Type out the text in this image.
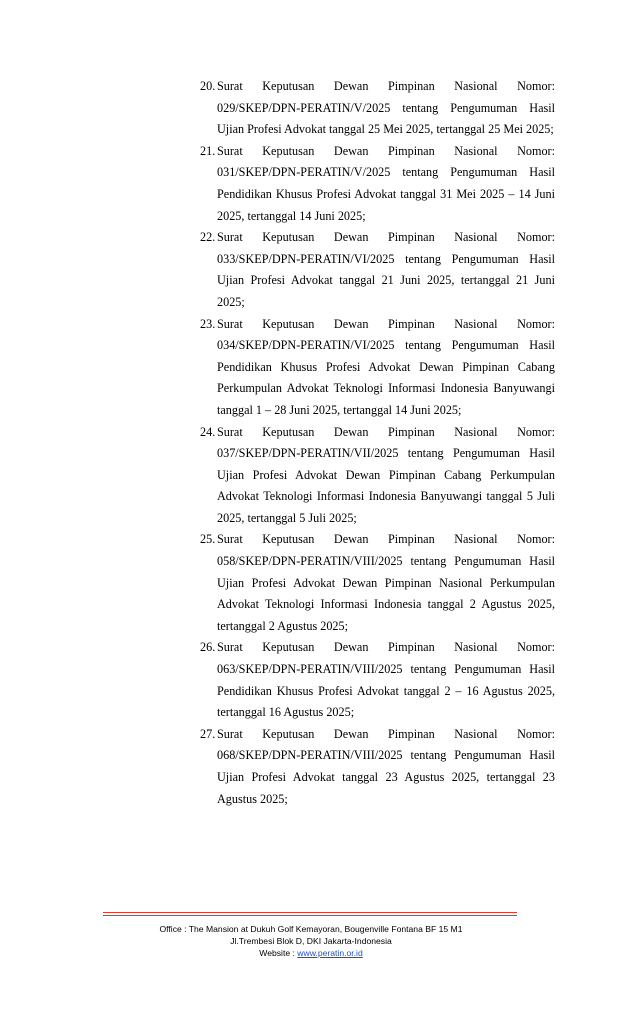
20. Surat Keputusan Dewan Pimpinan Nasional Nomor: 029/SKEP/DPN-PERATIN/V/2025 tentang Pengumuman Hasil Ujian Profesi Advokat tanggal 25 Mei 2025, tertanggal 25 Mei 2025;
21. Surat Keputusan Dewan Pimpinan Nasional Nomor: 031/SKEP/DPN-PERATIN/V/2025 tentang Pengumuman Hasil Pendidikan Khusus Profesi Advokat tanggal 31 Mei 2025 – 14 Juni 2025, tertanggal 14 Juni 2025;
22. Surat Keputusan Dewan Pimpinan Nasional Nomor: 033/SKEP/DPN-PERATIN/VI/2025 tentang Pengumuman Hasil Ujian Profesi Advokat tanggal 21 Juni 2025, tertanggal 21 Juni 2025;
23. Surat Keputusan Dewan Pimpinan Nasional Nomor: 034/SKEP/DPN-PERATIN/VI/2025 tentang Pengumuman Hasil Pendidikan Khusus Profesi Advokat Dewan Pimpinan Cabang Perkumpulan Advokat Teknologi Informasi Indonesia Banyuwangi tanggal 1 – 28 Juni 2025, tertanggal 14 Juni 2025;
24. Surat Keputusan Dewan Pimpinan Nasional Nomor: 037/SKEP/DPN-PERATIN/VII/2025 tentang Pengumuman Hasil Ujian Profesi Advokat Dewan Pimpinan Cabang Perkumpulan Advokat Teknologi Informasi Indonesia Banyuwangi tanggal 5 Juli 2025, tertanggal 5 Juli 2025;
25. Surat Keputusan Dewan Pimpinan Nasional Nomor: 058/SKEP/DPN-PERATIN/VIII/2025 tentang Pengumuman Hasil Ujian Profesi Advokat Dewan Pimpinan Nasional Perkumpulan Advokat Teknologi Informasi Indonesia tanggal 2 Agustus 2025, tertanggal 2 Agustus 2025;
26. Surat Keputusan Dewan Pimpinan Nasional Nomor: 063/SKEP/DPN-PERATIN/VIII/2025 tentang Pengumuman Hasil Pendidikan Khusus Profesi Advokat tanggal 2 – 16 Agustus 2025, tertanggal 16 Agustus 2025;
27. Surat Keputusan Dewan Pimpinan Nasional Nomor: 068/SKEP/DPN-PERATIN/VIII/2025 tentang Pengumuman Hasil Ujian Profesi Advokat tanggal 23 Agustus 2025, tertanggal 23 Agustus 2025;
Office : The Mansion at Dukuh Golf Kemayoran, Bougenville Fontana BF 15 M1
Jl.Trembesi Blok D, DKI Jakarta-Indonesia
Website : www.peratin.or.id
